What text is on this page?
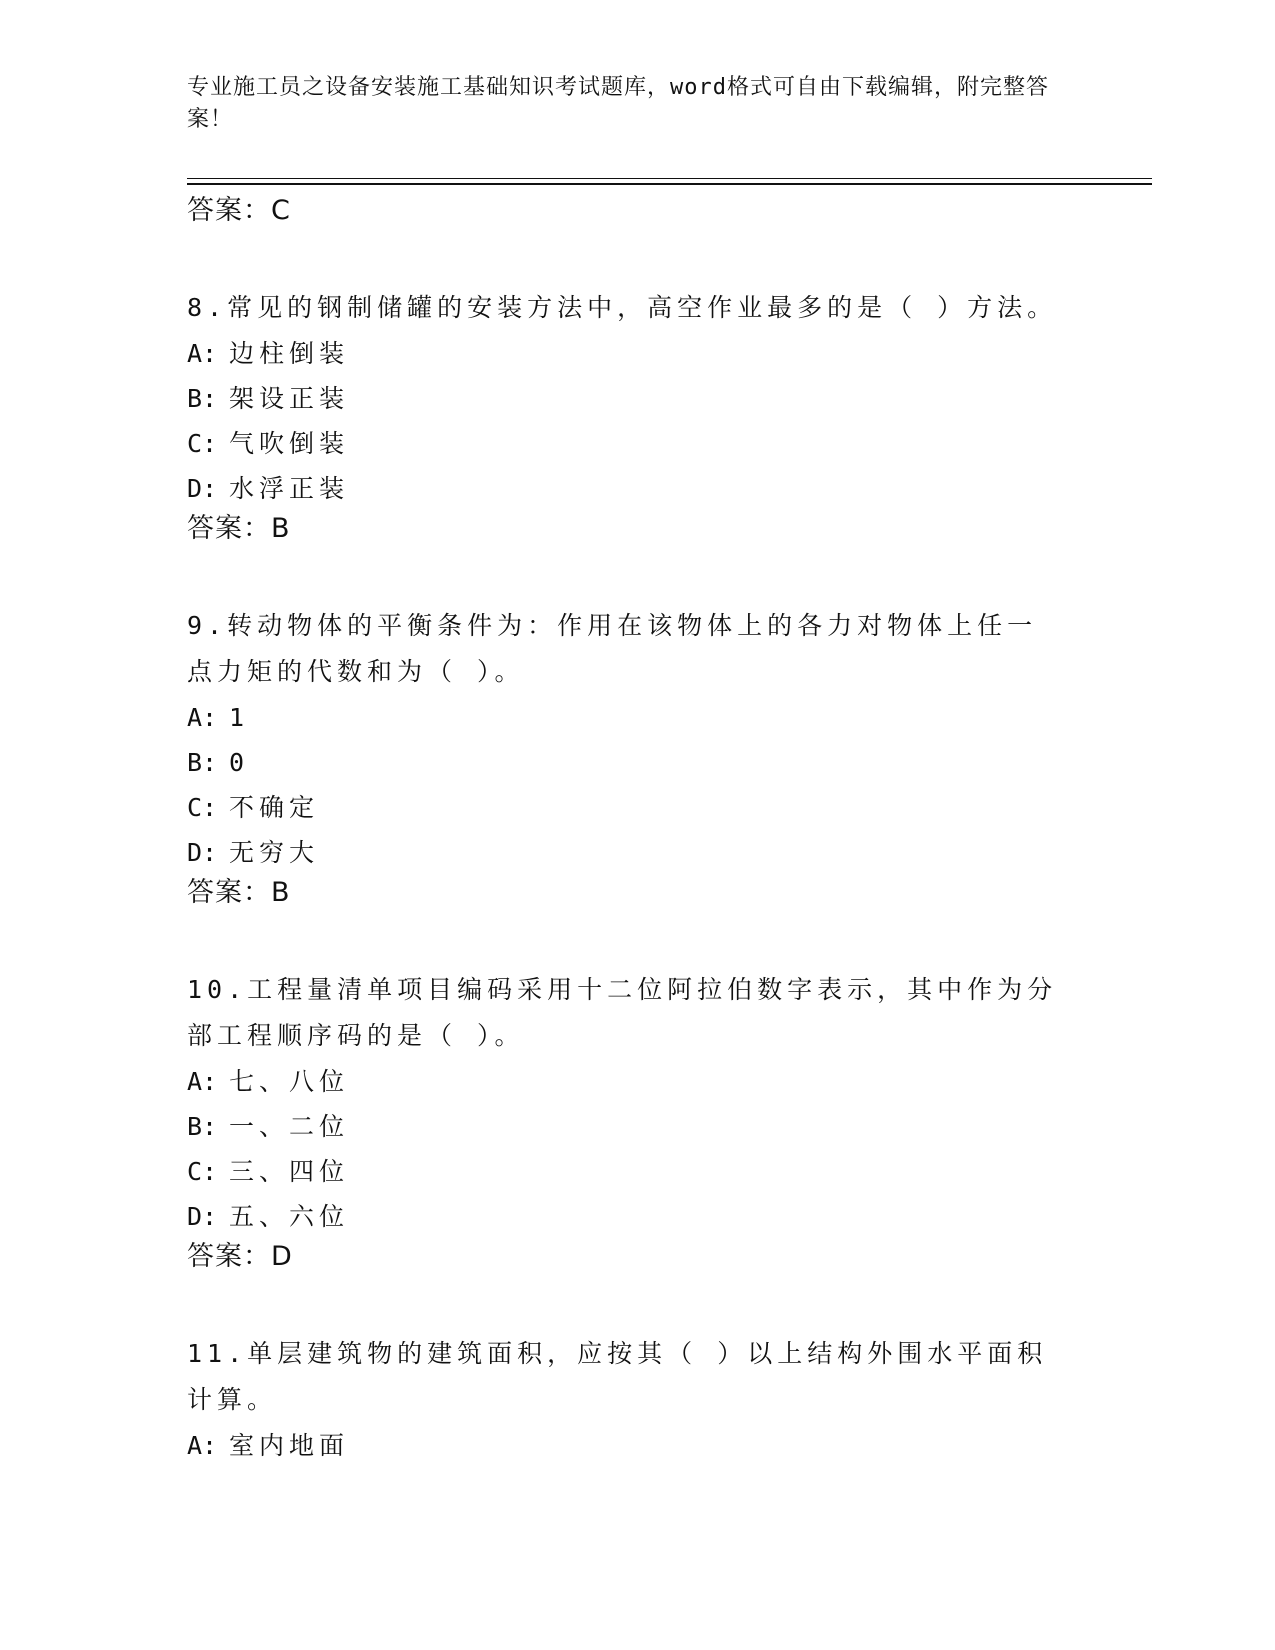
专业施工员之设备安装施工基础知识考试题库，word格式可自由下载编辑，附完整答案！

答案：C

8.常见的钢制储罐的安装方法中，高空作业最多的是（ ）方法。

A: 边柱倒装

B: 架设正装

C: 气吹倒装

D: 水浮正装

答案：B

9.转动物体的平衡条件为：作用在该物体上的各力对物体上任一点力矩的代数和为（ ）。

A: 1

B: 0

C: 不确定

D: 无穷大

答案：B

10.工程量清单项目编码采用十二位阿拉伯数字表示，其中作为分部工程顺序码的是（ ）。

A: 七、八位

B: 一、二位

C: 三、四位

D: 五、六位

答案：D

11.单层建筑物的建筑面积，应按其（ ）以上结构外围水平面积计算。

A: 室内地面
